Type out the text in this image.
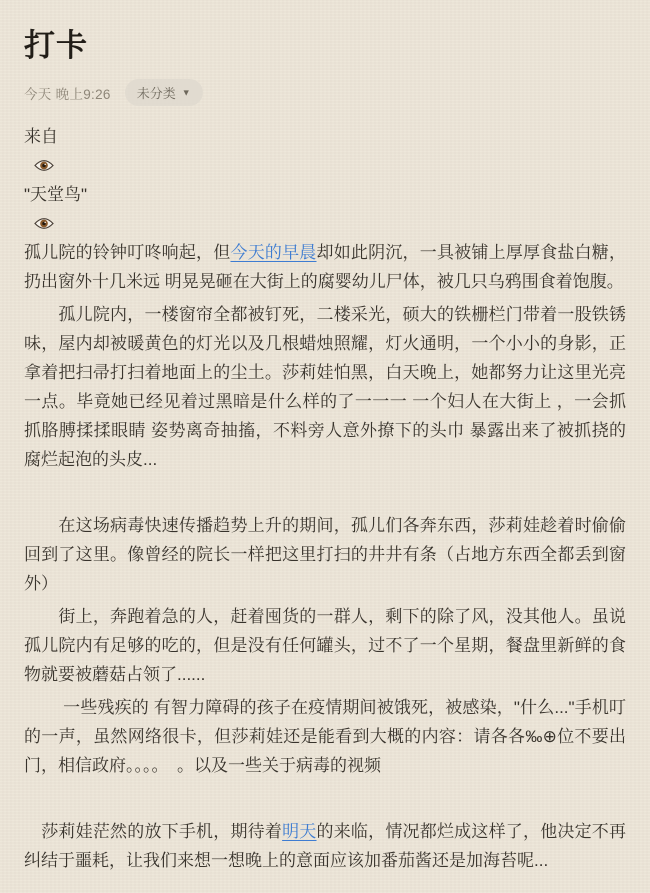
打卡
今天 晚上9:26 未分类 ▼

来自

"天堂鸟"

孤儿院的铃钟叮咚响起，但今天的早晨却如此阴沉，一具被铺上厚厚食盐白糖，扔出窗外十几米远 明晃晃砸在大街上的腐婴幼儿尸体，被几只乌鸦围食着饱腹。

　　孤儿院内，一楼窗帘全都被钉死，二楼采光，硕大的铁栅栏门带着一股铁锈味，屋内却被暖黄色的灯光以及几根蜡烛照耀，灯火通明，一个小小的身影，正拿着把扫帚打扫着地面上的尘土。莎莉娃怕黑，白天晚上，她都努力让这里光亮一点。毕竟她已经见着过黑暗是什么样的了一一一 一个妇人在大街上 ，一会抓抓胳膊揉揉眼睛 姿势离奇抽搐，不料旁人意外撩下的头巾 暴露出来了被抓挠的腐烂起泡的头皮...

　　在这场病毒快速传播趋势上升的期间，孤儿们各奔东西，莎莉娃趁着时偷偷回到了这里。像曾经的院长一样把这里打扫的井井有条（占地方东西全都丢到窗外）

　　街上，奔跑着急的人，赶着囤货的一群人，剩下的除了风，没其他人。虽说孤儿院内有足够的吃的，但是没有任何罐头，过不了一个星期，餐盘里新鲜的食物就要被蘑菇占领了......

　　 一些残疾的 有智力障碍的孩子在疫情期间被饿死，被感染，"什么..."手机叮的一声，虽然网络很卡，但莎莉娃还是能看到大概的内容：请各各‰⊕位不要出门，相信政府。。。。　。以及一些关于病毒的视频

　莎莉娃茫然的放下手机，期待着明天的来临，情况都烂成这样了，他决定不再纠结于噩耗，让我们来想一想晚上的意面应该加番茄酱还是加海苔呢...
